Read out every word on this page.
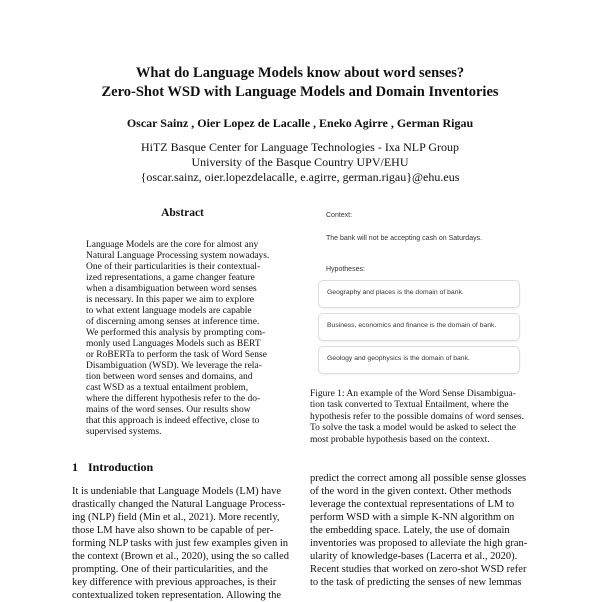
What do Language Models know about word senses?
Zero-Shot WSD with Language Models and Domain Inventories
Oscar Sainz , Oier Lopez de Lacalle , Eneko Agirre , German Rigau
HiTZ Basque Center for Language Technologies - Ixa NLP Group
University of the Basque Country UPV/EHU
{oscar.sainz, oier.lopezdelacalle, e.agirre, german.rigau}@ehu.eus
Abstract
Language Models are the core for almost any
Natural Language Processing system nowadays.
One of their particularities is their contextual-
ized representations, a game changer feature
when a disambiguation between word senses
is necessary. In this paper we aim to explore
to what extent language models are capable
of discerning among senses at inference time.
We performed this analysis by prompting com-
monly used Languages Models such as BERT
or RoBERTa to perform the task of Word Sense
Disambiguation (WSD). We leverage the rela-
tion between word senses and domains, and
cast WSD as a textual entailment problem,
where the different hypothesis refer to the do-
mains of the word senses. Our results show
that this approach is indeed effective, close to
supervised systems.
Context:
The bank will not be accepting cash on Saturdays.
Hypotheses:
Geography and places is the domain of bank.
Business, economics and finance is the domain of bank.
Geology and geophysics is the domain of bank.
Figure 1: An example of the Word Sense Disambigua-
tion task converted to Textual Entailment, where the
hypothesis refer to the possible domains of word senses.
To solve the task a model would be asked to select the
most probable hypothesis based on the context.
1 Introduction
It is undeniable that Language Models (LM) have
drastically changed the Natural Language Process-
ing (NLP) field (Min et al., 2021). More recently,
those LM have also shown to be capable of per-
forming NLP tasks with just few examples given in
the context (Brown et al., 2020), using the so called
prompting. One of their particularities, and the
key difference with previous approaches, is their
contextualized token representation. Allowing the
predict the correct among all possible sense glosses
of the word in the given context. Other methods
leverage the contextual representations of LM to
perform WSD with a simple K-NN algorithm on
the embedding space. Lately, the use of domain
inventories was proposed to alleviate the high gran-
ularity of knowledge-bases (Lacerra et al., 2020).
Recent studies that worked on zero-shot WSD refer
to the task of predicting the senses of new lemmas
